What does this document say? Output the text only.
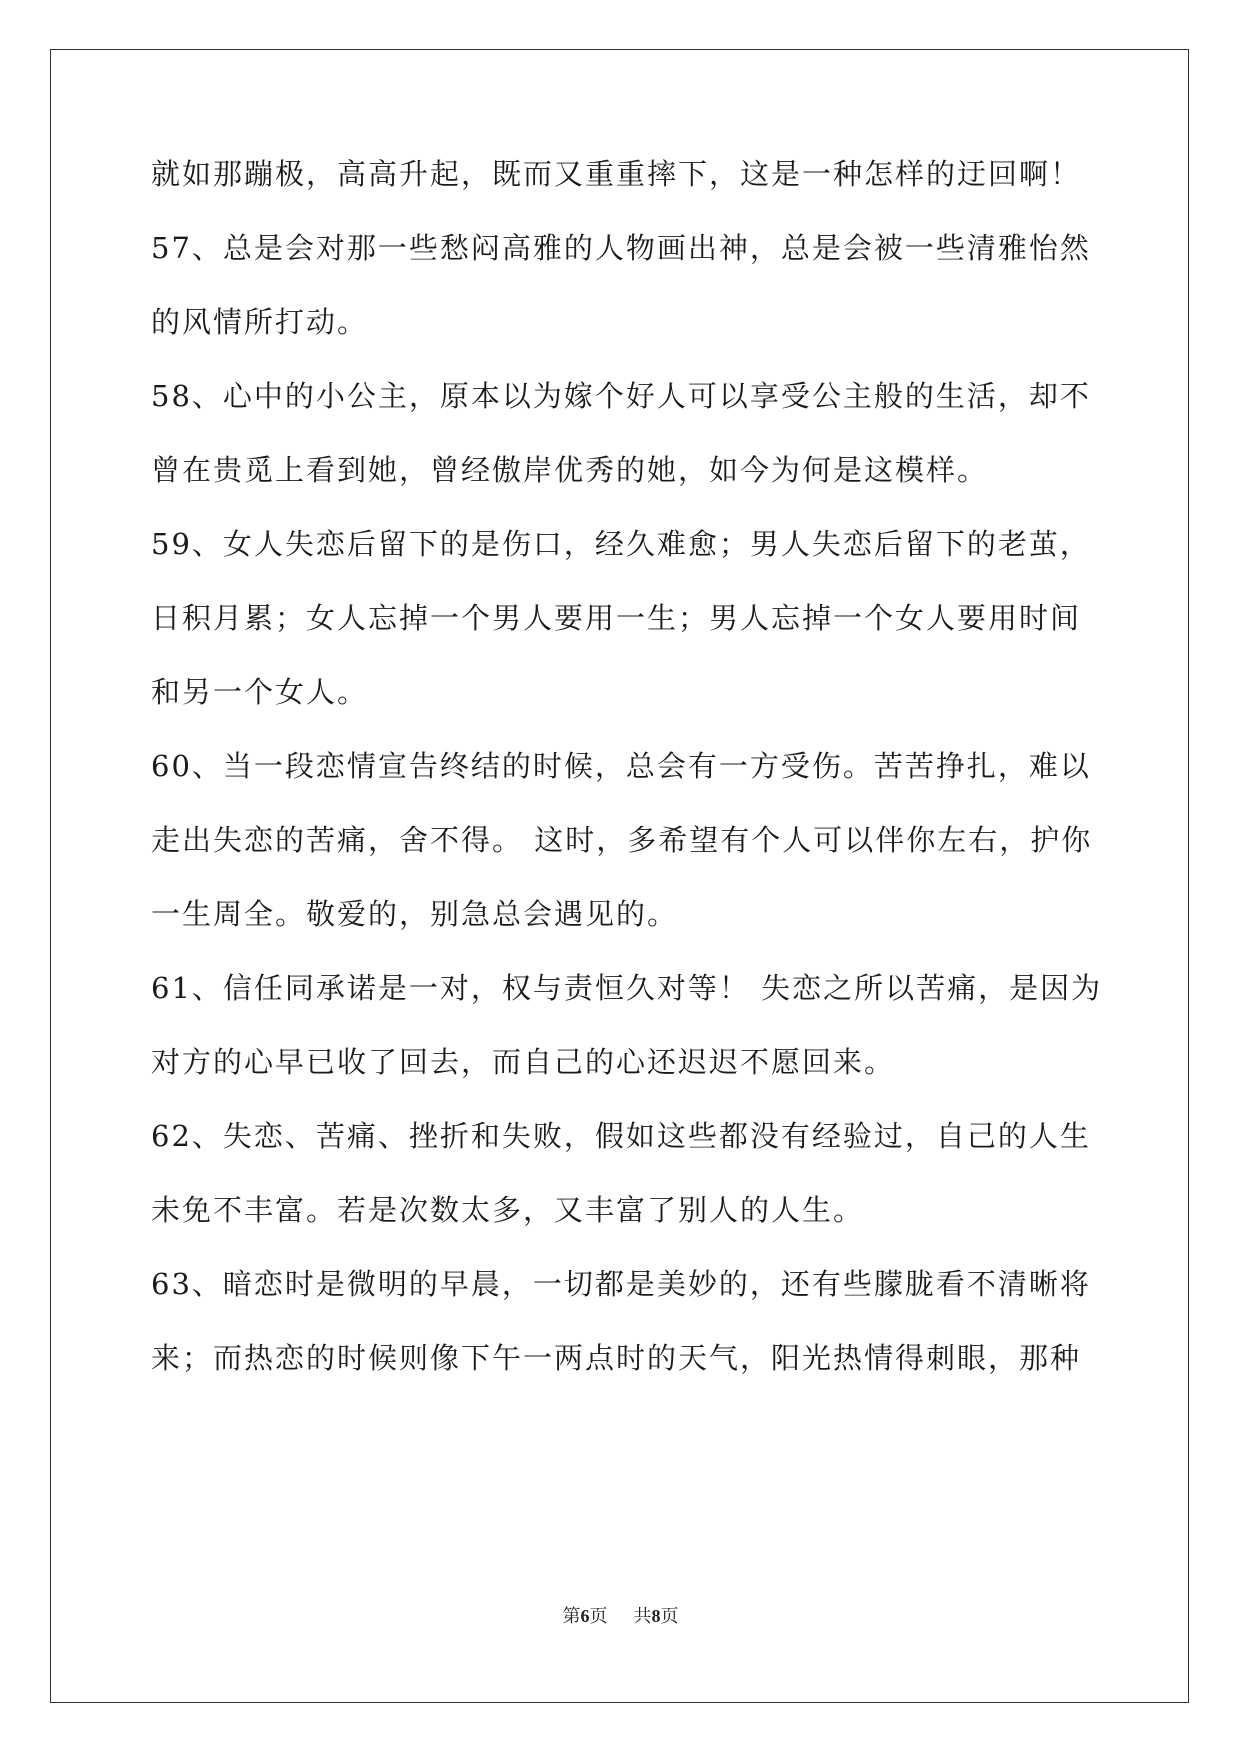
就如那蹦极，高高升起，既而又重重摔下，这是一种怎样的迂回啊！
57、总是会对那一些愁闷高雅的人物画出神，总是会被一些清雅怡然
的风情所打动。
58、心中的小公主，原本以为嫁个好人可以享受公主般的生活，却不
曾在贵觅上看到她，曾经傲岸优秀的她，如今为何是这模样。
59、女人失恋后留下的是伤口，经久难愈；男人失恋后留下的老茧，
日积月累；女人忘掉一个男人要用一生；男人忘掉一个女人要用时间
和另一个女人。
60、当一段恋情宣告终结的时候，总会有一方受伤。苦苦挣扎，难以
走出失恋的苦痛，舍不得。 这时，多希望有个人可以伴你左右，护你
一生周全。敬爱的，别急总会遇见的。
61、信任同承诺是一对，权与责恒久对等！ 失恋之所以苦痛，是因为
对方的心早已收了回去，而自己的心还迟迟不愿回来。
62、失恋、苦痛、挫折和失败，假如这些都没有经验过，自己的人生
未免不丰富。若是次数太多，又丰富了别人的人生。
63、暗恋时是微明的早晨，一切都是美妙的，还有些朦胧看不清晰将
来；而热恋的时候则像下午一两点时的天气，阳光热情得刺眼，那种
第6页 共8页
